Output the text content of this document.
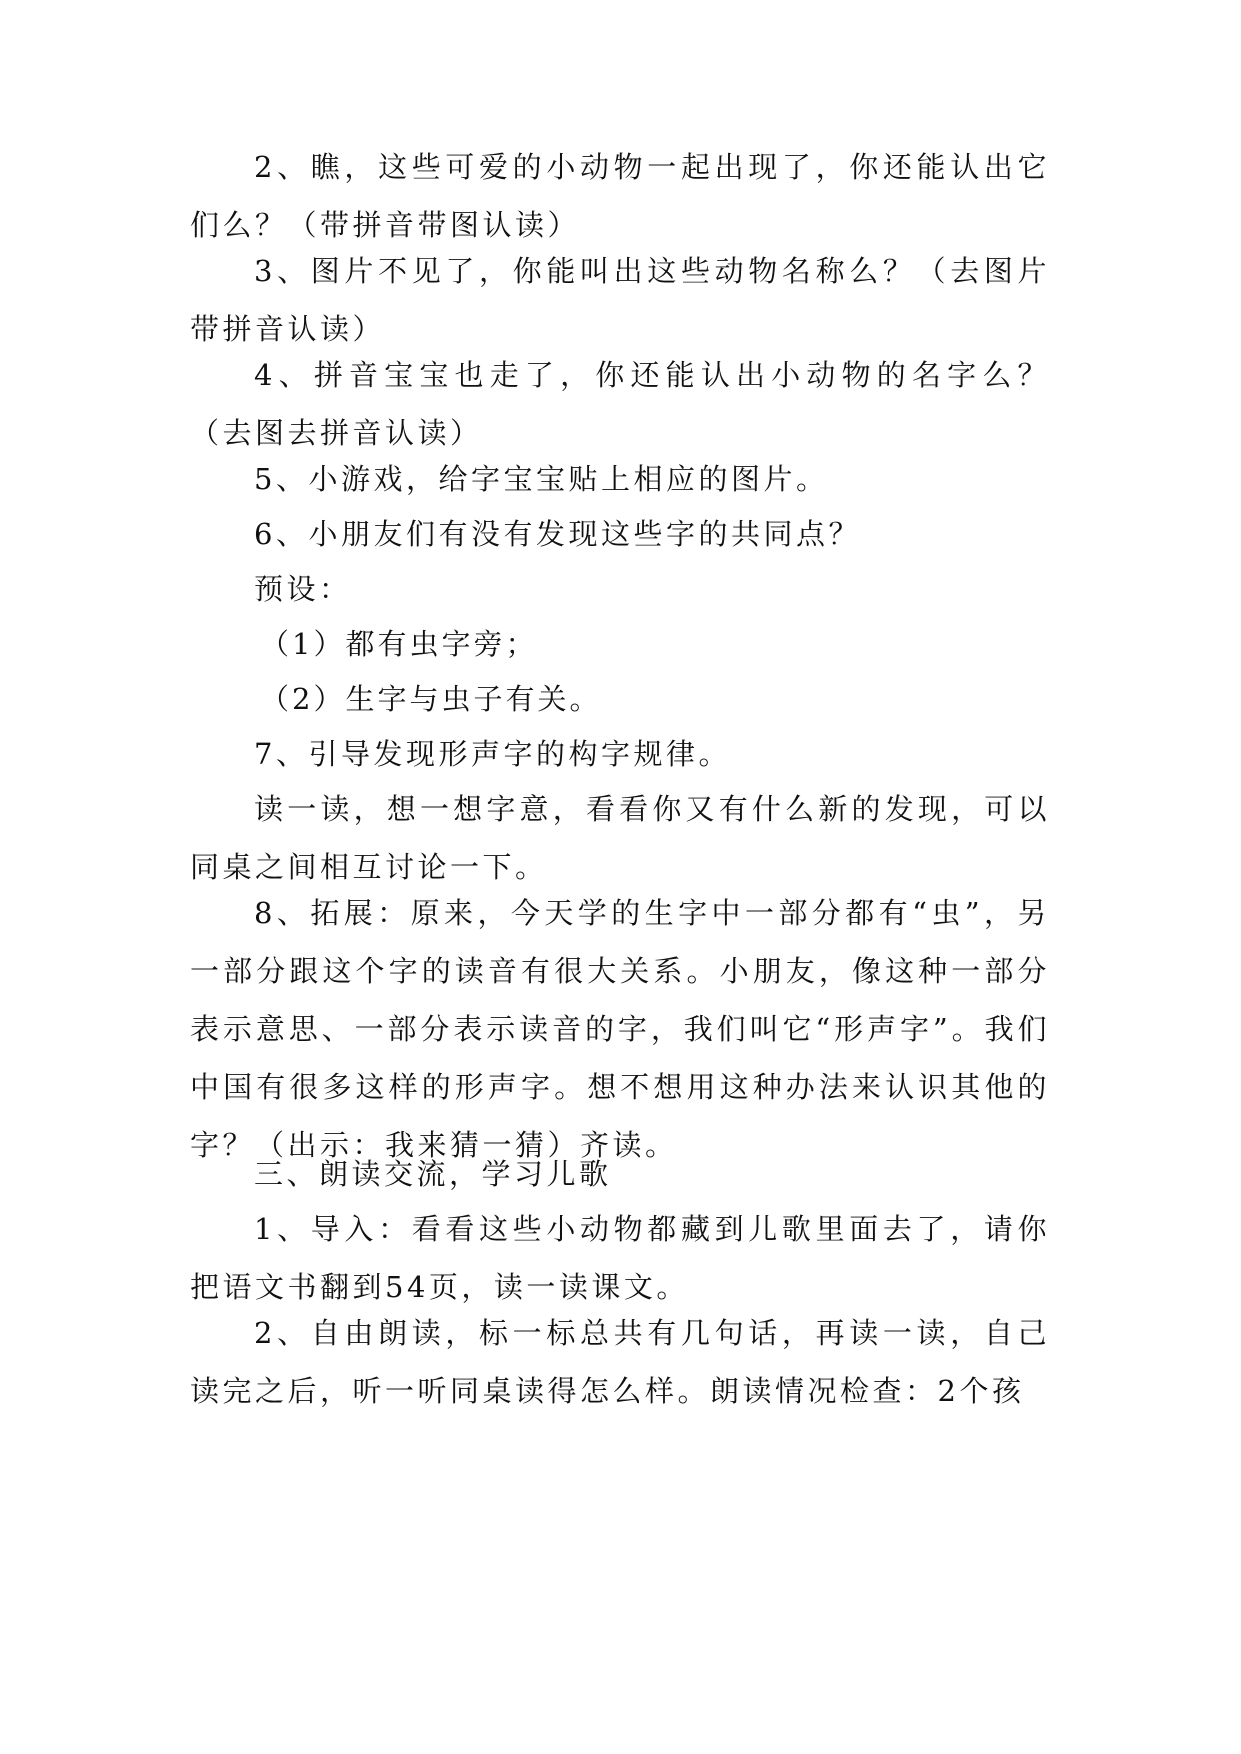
2、瞧，这些可爱的小动物一起出现了，你还能认出它们么？（带拼音带图认读）

3、图片不见了，你能叫出这些动物名称么？（去图片带拼音认读）

4、拼音宝宝也走了，你还能认出小动物的名字么？（去图去拼音认读）

5、小游戏，给字宝宝贴上相应的图片。

6、小朋友们有没有发现这些字的共同点？

预设：

（1）都有虫字旁；

（2）生字与虫子有关。

7、引导发现形声字的构字规律。

读一读，想一想字意，看看你又有什么新的发现，可以同桌之间相互讨论一下。

8、拓展：原来，今天学的生字中一部分都有“虫”，另一部分跟这个字的读音有很大关系。小朋友，像这种一部分表示意思、一部分表示读音的字，我们叫它“形声字”。我们中国有很多这样的形声字。想不想用这种办法来认识其他的字？（出示：我来猜一猜）齐读。

三、朗读交流，学习儿歌

1、导入：看看这些小动物都藏到儿歌里面去了，请你把语文书翻到54页，读一读课文。

2、自由朗读，标一标总共有几句话，再读一读，自己读完之后，听一听同桌读得怎么样。朗读情况检查：2个孩
